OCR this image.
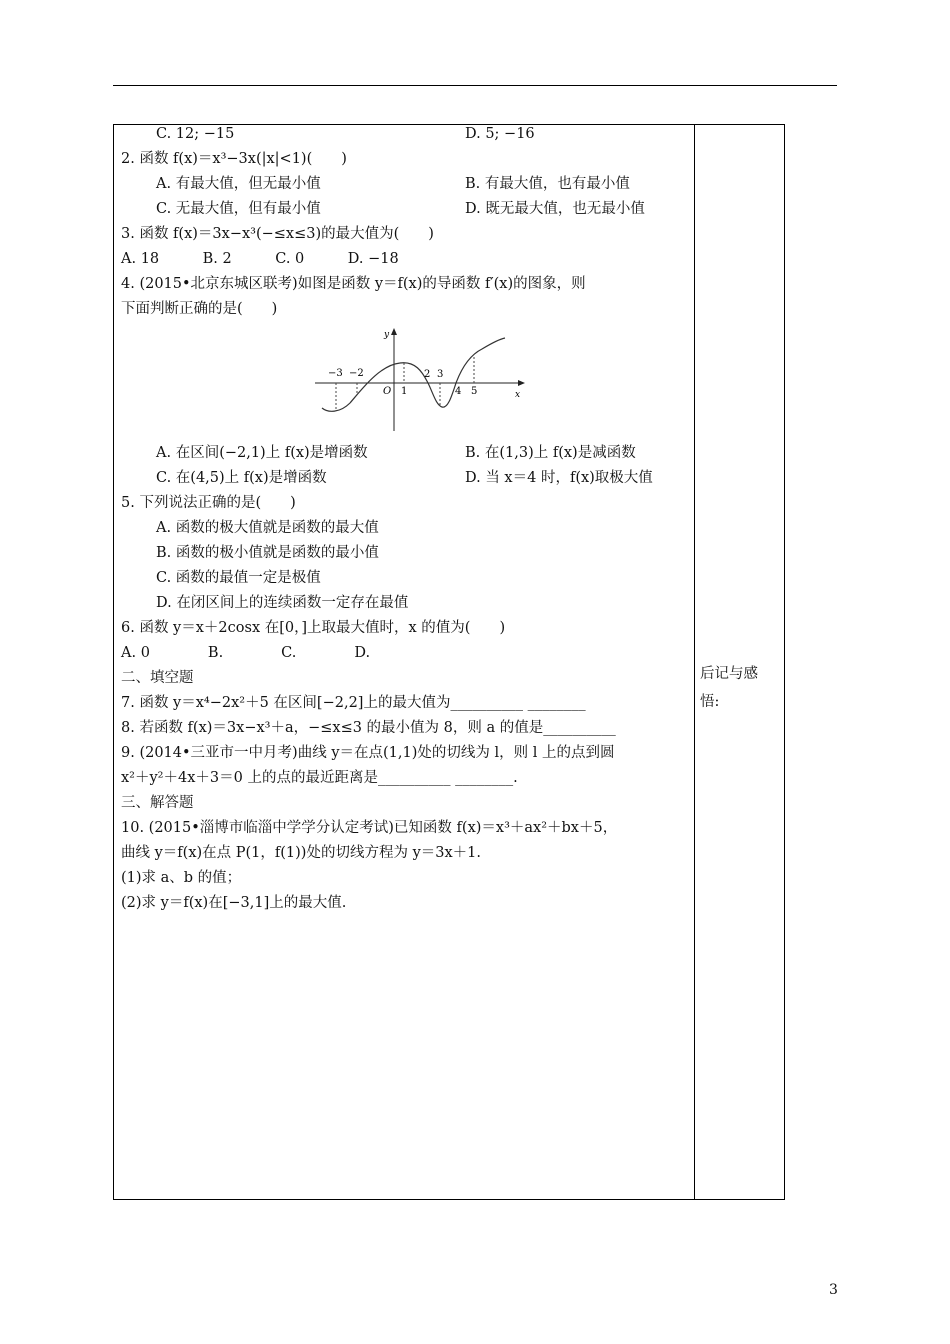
C. 12; −15	D. 5; −16
2. 函数 f(x)＝x³−3x(|x|<1)(　　)
A. 有最大值，但无最小值	B. 有最大值，也有最小值
C. 无最大值，但有最小值	D. 既无最大值，也无最小值
3. 函数 f(x)＝3x−x³(−≤x≤3)的最大值为(　　)
A. 18　　　B. 2　　　C. 0　　　D. −18
4. (2015•北京东城区联考)如图是函数 y＝f(x)的导函数 f′(x)的图象，则
下面判断正确的是(　　)
A. 在区间(−2,1)上 f(x)是增函数	B. 在(1,3)上 f(x)是减函数
C. 在(4,5)上 f(x)是增函数	D. 当 x＝4 时，f(x)取极大值
5. 下列说法正确的是(　　)
A. 函数的极大值就是函数的最大值
B. 函数的极小值就是函数的最小值
C. 函数的最值一定是极值
D. 在闭区间上的连续函数一定存在最值
6. 函数 y＝x＋2cosx 在[0，]上取最大值时，x 的值为(　　)
A. 0　　　　B.　　　　C.　　　　D.
二、填空题
7. 函数 y＝x⁴−2x²＋5 在区间[−2,2]上的最大值为__________ ________
8. 若函数 f(x)＝3x−x³＋a，−≤x≤3 的最小值为 8，则 a 的值是__________
9. (2014•三亚市一中月考)曲线 y＝在点(1,1)处的切线为 l，则 l 上的点到圆
x²＋y²＋4x＋3＝0 上的点的最近距离是__________ ________.
三、解答题
10. (2015•淄博市临淄中学学分认定考试)已知函数 f(x)＝x³＋ax²＋bx＋5，
曲线 y＝f(x)在点 P(1，f(1))处的切线方程为 y＝3x＋1.
(1)求 a、b 的值；
(2)求 y＝f(x)在[−3,1]上的最大值.
后记与感
悟:
y
x
O
−3 −2
1
2 3
4 5
3
